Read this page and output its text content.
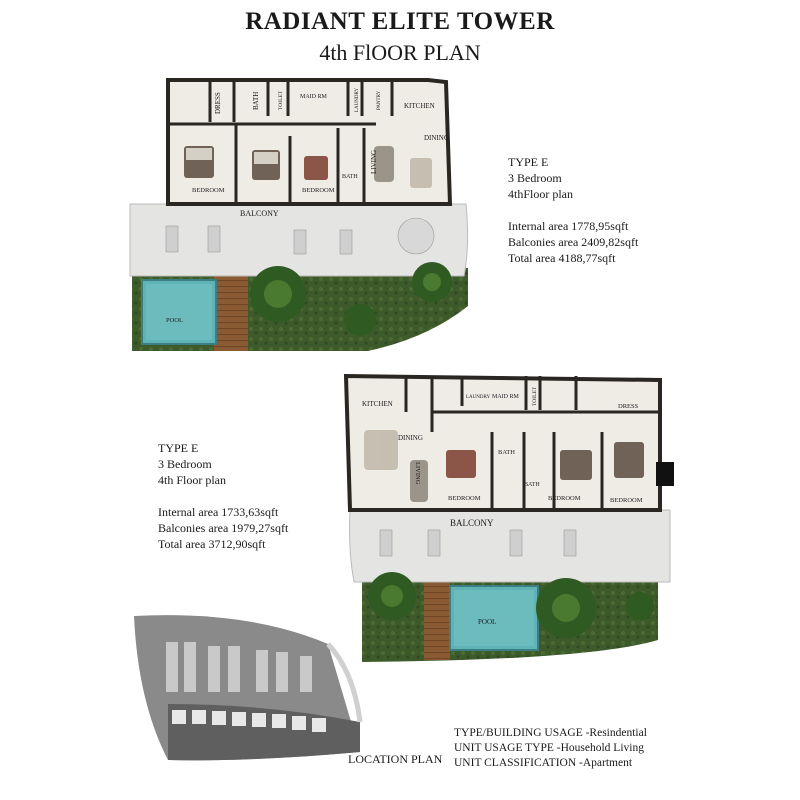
RADIANT ELITE TOWER
4th FlOOR PLAN
DRESS	BATH	TOILET	MAID RM	LAUNDRY	PANTRY	KITCHEN
DINING
LIVING
BATH
BEDROOM	BEDROOM
BALCONY
POOL
TYPE E
3 Bedroom
4thFloor plan
Internal area 1778,95sqft
Balconies area 2409,82sqft
Total area 4188,77sqft
KITCHEN
LAUNDRY MAID RM TOILET
DRESS
DINING
LIVING
BATH
BATH
BEDROOM	BEDROOM	BEDROOM
BALCONY
POOL
TYPE E
3 Bedroom
4th Floor plan
Internal area 1733,63sqft
Balconies area 1979,27sqft
Total area 3712,90sqft
LOCATION PLAN
TYPE/BUILDING USAGE -Resindential
UNIT USAGE TYPE -Household Living
UNIT CLASSIFICATION -Apartment
